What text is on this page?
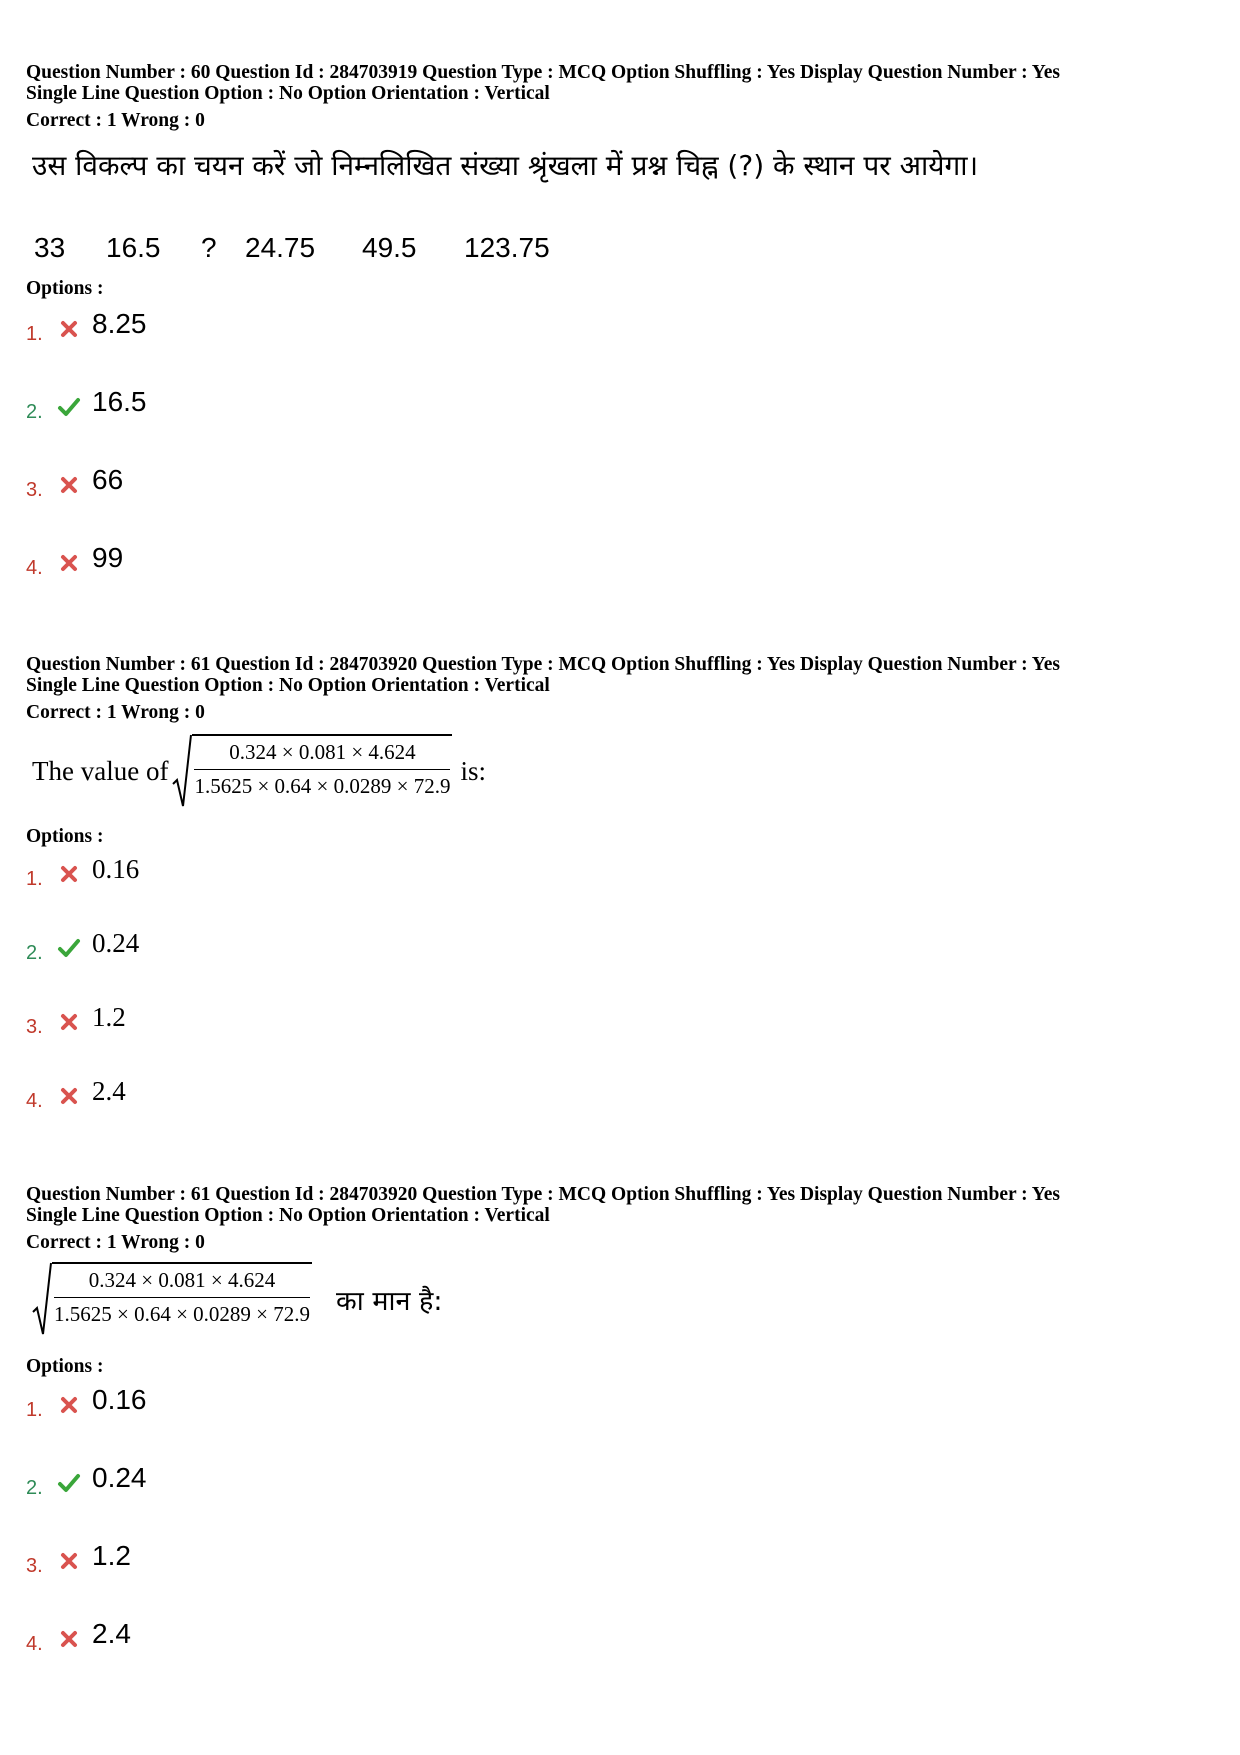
Question Number : 60 Question Id : 284703919 Question Type : MCQ Option Shuffling : Yes Display Question Number : Yes
Single Line Question Option : No Option Orientation : Vertical
Correct : 1 Wrong : 0
उस विकल्प का चयन करें जो निम्नलिखित संख्या श्रृंखला में प्रश्न चिह्न (?) के स्थान पर आयेगा।
33	16.5	?	24.75	49.5	123.75
Options :
1.	8.25
2.	16.5
3.	66
4.	99
Question Number : 61 Question Id : 284703920 Question Type : MCQ Option Shuffling : Yes Display Question Number : Yes
Single Line Question Option : No Option Orientation : Vertical
Correct : 1 Wrong : 0
The value of $\frac{0.324 \times 0.081 \times 4.624}{1.5625 \times 0.64 \times 0.0289 \times 72.9}$ is:
Options :
1.	0.16
2.	0.24
3.	1.2
4.	2.4
Question Number : 61 Question Id : 284703920 Question Type : MCQ Option Shuffling : Yes Display Question Number : Yes
Single Line Question Option : No Option Orientation : Vertical
Correct : 1 Wrong : 0
$\frac{0.324 \times 0.081 \times 4.624}{1.5625 \times 0.64 \times 0.0289 \times 72.9}$ का मान है:
Options :
1.	0.16
2.	0.24
3.	1.2
4.	2.4
